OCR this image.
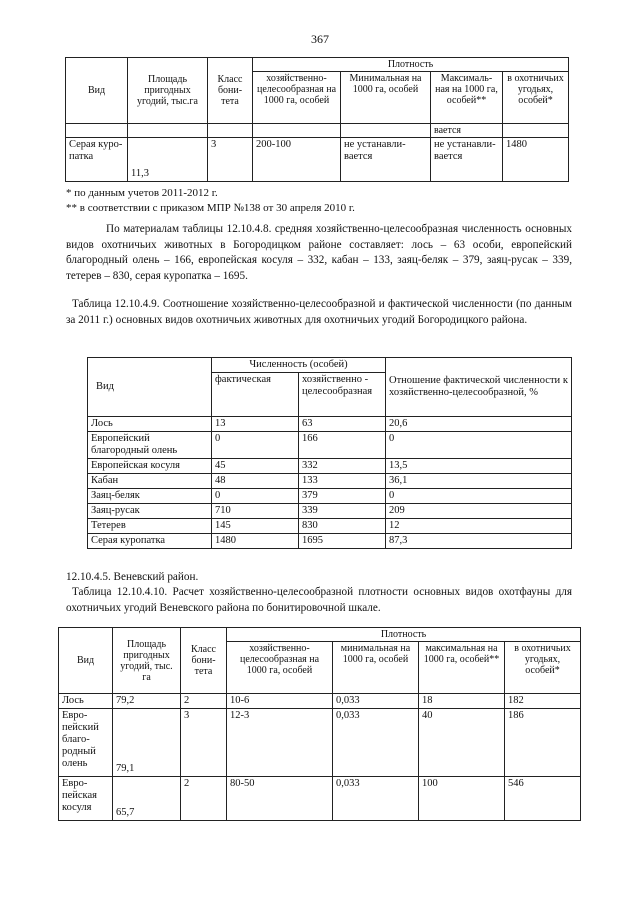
367
Вид	Площадь пригодных угодий, тыс.га	Класс бони-тета	Плотность			
			хозяйственно-целесообразная на 1000 га, особей	Минимальная на 1000 га, особей	Максималь-ная на 1000 га, особей**	в охотничьих угодьях, особей*
					вается	
Серая куро-патка	11,3	3	200-100	не устанавли-вается	не устанавли-вается	1480
* по данным учетов 2011-2012 г.
** в соответствии с приказом МПР №138 от 30 апреля 2010 г.
По материалам таблицы 12.10.4.8. средняя хозяйственно-целесообразная численность основных видов охотничьих животных в Богородицком районе составляет: лось – 63 особи, европейский благородный олень – 166, европейская косуля – 332, кабан – 133, заяц-беляк – 379, заяц-русак – 339, тетерев – 830, серая куропатка – 1695.
Таблица 12.10.4.9. Соотношение хозяйственно-целесообразной и фактической численности (по данным за 2011 г.) основных видов охотничьих животных для охотничьих угодий Богородицкого района.
Вид	Численность (особей)		Отношение фактической численности к хозяйственно-целесообразной, %
	фактическая	хозяйственно - целесообразная	
Лось	13	63	20,6
Европейский благородный олень	0	166	0
Европейская косуля	45	332	13,5
Кабан	48	133	36,1
Заяц-беляк	0	379	0
Заяц-русак	710	339	209
Тетерев	145	830	12
Серая куропатка	1480	1695	87,3
12.10.4.5. Веневский район.
Таблица 12.10.4.10. Расчет хозяйственно-целесообразной плотности основных видов охотфауны для охотничьих угодий Веневского района по бонитировочной шкале.
Вид	Площадь пригодных угодий, тыс. га	Класс бони-тета	Плотность			
			хозяйственно-целесообразная на 1000 га, особей	минимальная на 1000 га, особей	максимальная на 1000 га, особей**	в охотничьих угодьях, особей*
Лось	79,2	2	10-6	0,033	18	182
Евро-пейский благо-родный олень	79,1	3	12-3	0,033	40	186
Евро-пейская косуля	65,7	2	80-50	0,033	100	546
